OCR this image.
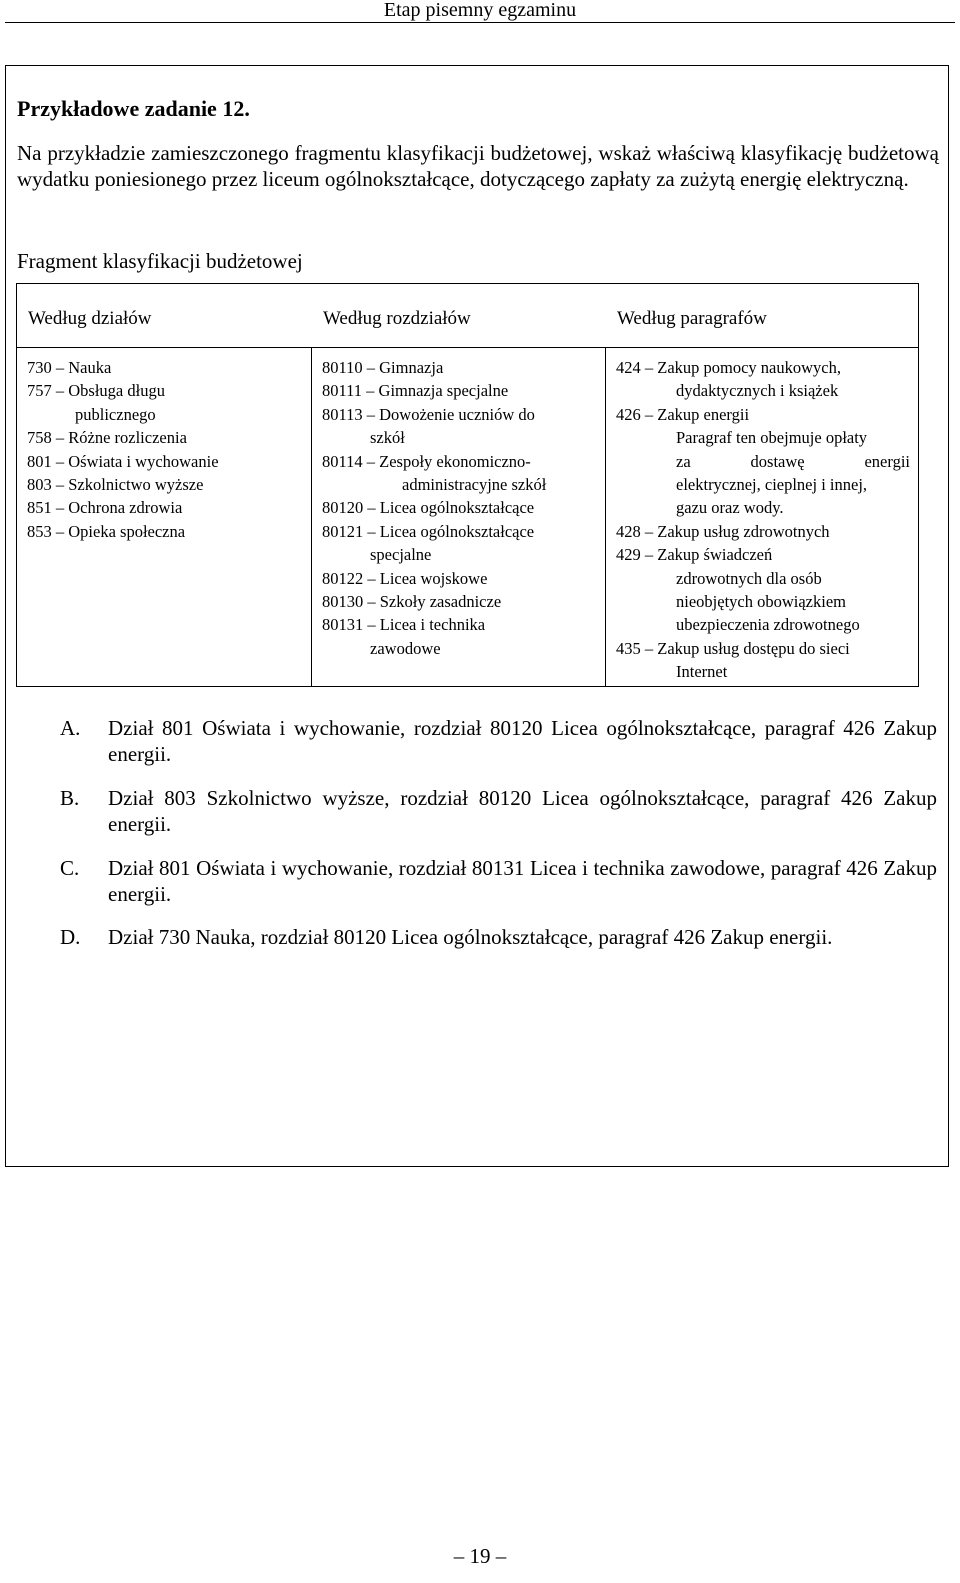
Etap pisemny egzaminu
Przykładowe zadanie 12.
Na przykładzie zamieszczonego fragmentu klasyfikacji budżetowej, wskaż właściwą klasyfikację budżetową wydatku poniesionego przez liceum ogólnokształcące, dotyczącego zapłaty za zużytą energię elektryczną.
Fragment klasyfikacji budżetowej
Według działów	Według rozdziałów	Według paragrafów
730 – Nauka
757 – Obsługa długu
publicznego
758 – Różne rozliczenia
801 – Oświata i wychowanie
803 – Szkolnictwo wyższe
851 – Ochrona zdrowia
853 – Opieka społeczna
80110 – Gimnazja
80111 – Gimnazja specjalne
80113 – Dowożenie uczniów do
szkół
80114 – Zespoły ekonomiczno-
administracyjne szkół
80120 – Licea ogólnokształcące
80121 – Licea ogólnokształcące
specjalne
80122 – Licea wojskowe
80130 – Szkoły zasadnicze
80131 – Licea i technika
zawodowe
424 – Zakup pomocy naukowych,
dydaktycznych i książek
426 – Zakup energii
Paragraf ten obejmuje opłaty
za dostawę energii
elektrycznej, cieplnej i innej,
gazu oraz wody.
428 – Zakup usług zdrowotnych
429 – Zakup świadczeń
zdrowotnych dla osób
nieobjętych obowiązkiem
ubezpieczenia zdrowotnego
435 – Zakup usług dostępu do sieci
Internet
A. Dział 801 Oświata i wychowanie, rozdział 80120 Licea ogólnokształcące, paragraf 426 Zakup energii.
B. Dział 803 Szkolnictwo wyższe, rozdział 80120 Licea ogólnokształcące, paragraf 426 Zakup energii.
C. Dział 801 Oświata i wychowanie, rozdział 80131 Licea i technika zawodowe, paragraf 426 Zakup energii.
D. Dział 730 Nauka, rozdział 80120 Licea ogólnokształcące, paragraf 426 Zakup energii.
– 19 –
